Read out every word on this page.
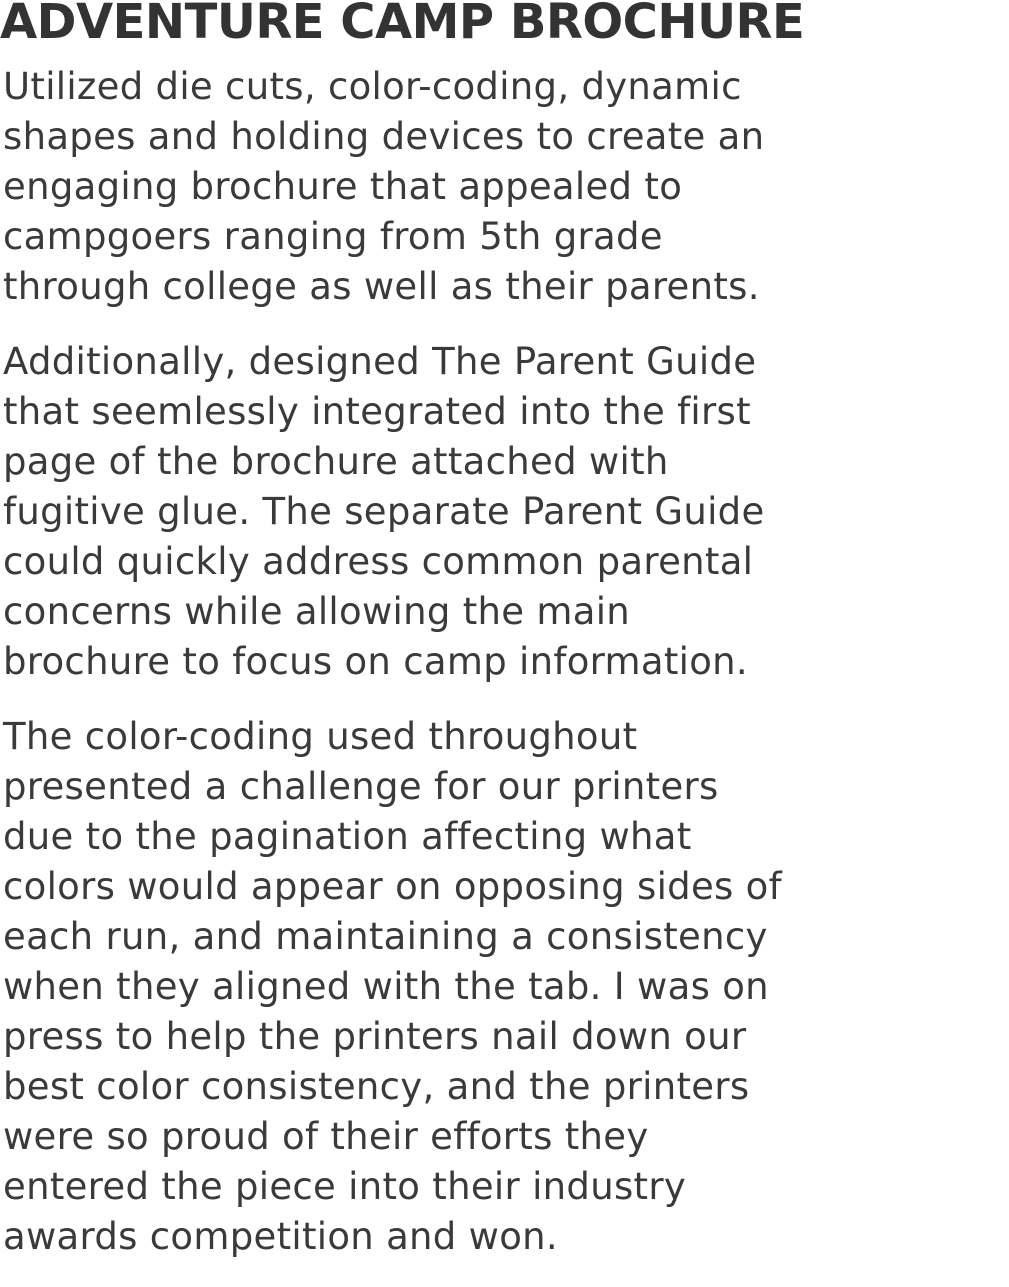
ADVENTURE CAMP BROCHURE

Utilized die cuts, color-coding, dynamic
shapes and holding devices to create an
engaging brochure that appealed to
campgoers ranging from 5th grade
through college as well as their parents.

Additionally, designed The Parent Guide
that seemlessly integrated into the first
page of the brochure attached with
fugitive glue. The separate Parent Guide
could quickly address common parental
concerns while allowing the main
brochure to focus on camp information.

The color-coding used throughout
presented a challenge for our printers
due to the pagination affecting what
colors would appear on opposing sides of
each run, and maintaining a consistency
when they aligned with the tab. I was on
press to help the printers nail down our
best color consistency, and the printers
were so proud of their efforts they
entered the piece into their industry
awards competition and won.
